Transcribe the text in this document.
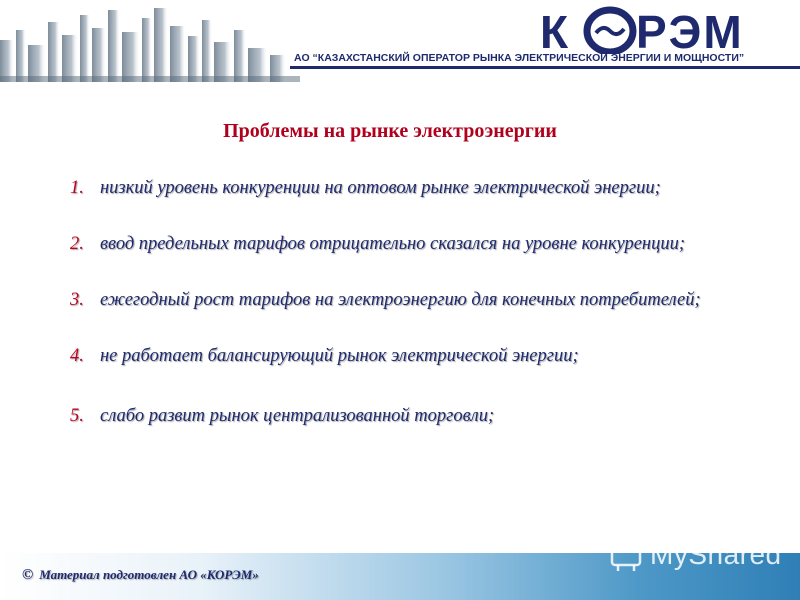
К РЭМ
АО “КАЗАХСТАНСКИЙ ОПЕРАТОР РЫНКА ЭЛЕКТРИЧЕСКОЙ ЭНЕРГИИ И МОЩНОСТИ”
Проблемы на рынке электроэнергии
1. низкий уровень конкуренции на оптовом рынке электрической энергии;
2. ввод предельных тарифов отрицательно сказался на уровне конкуренции;
3. ежегодный рост тарифов на электроэнергию для конечных потребителей;
4. не работает балансирующий рынок электрической энергии;
5. слабо развит рынок централизованной торговли;
© Материал подготовлен АО «КОРЭМ»
MyShared
